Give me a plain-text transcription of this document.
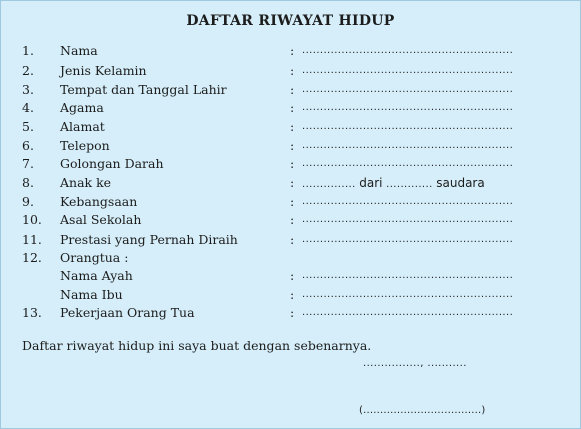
DAFTAR RIWAYAT HIDUP
1. Nama	: ...........................................................
2. Jenis Kelamin	: ...........................................................
3. Tempat dan Tanggal Lahir	: ...........................................................
4. Agama	: ...........................................................
5. Alamat	: ...........................................................
6. Telepon	: ...........................................................
7. Golongan Darah	: ...........................................................
8. Anak ke	: ............... dari ............. saudara
9. Kebangsaan	: ...........................................................
10. Asal Sekolah	: ...........................................................
11. Prestasi yang Pernah Diraih	: ...........................................................
12. Orangtua :
Nama Ayah	: ...........................................................
Nama Ibu	: ...........................................................
13. Pekerjaan Orang Tua	: ...........................................................
Daftar riwayat hidup ini saya buat dengan sebenarnya.
................, ...........
(...................................)
